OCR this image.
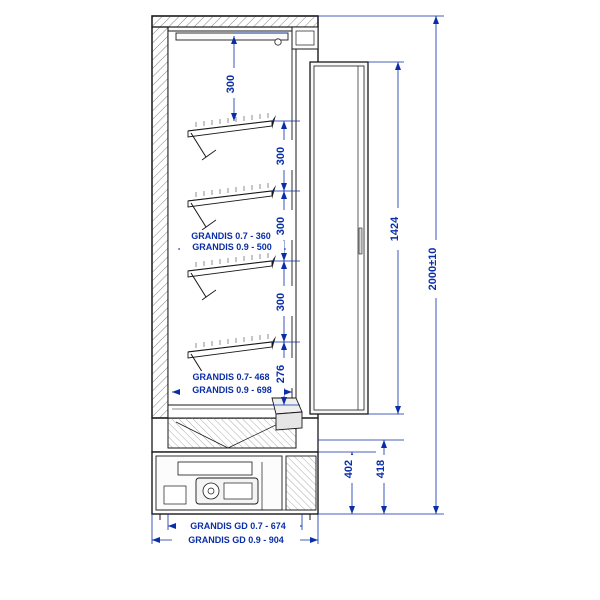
300
300
300
300
276
1424
2000±10
402 418
GRANDIS 0.7 - 360
GRANDIS 0.9 - 500
GRANDIS 0.7- 468
GRANDIS 0.9 - 698
GRANDIS GD 0.7 - 674
GRANDIS GD 0.9 - 904
